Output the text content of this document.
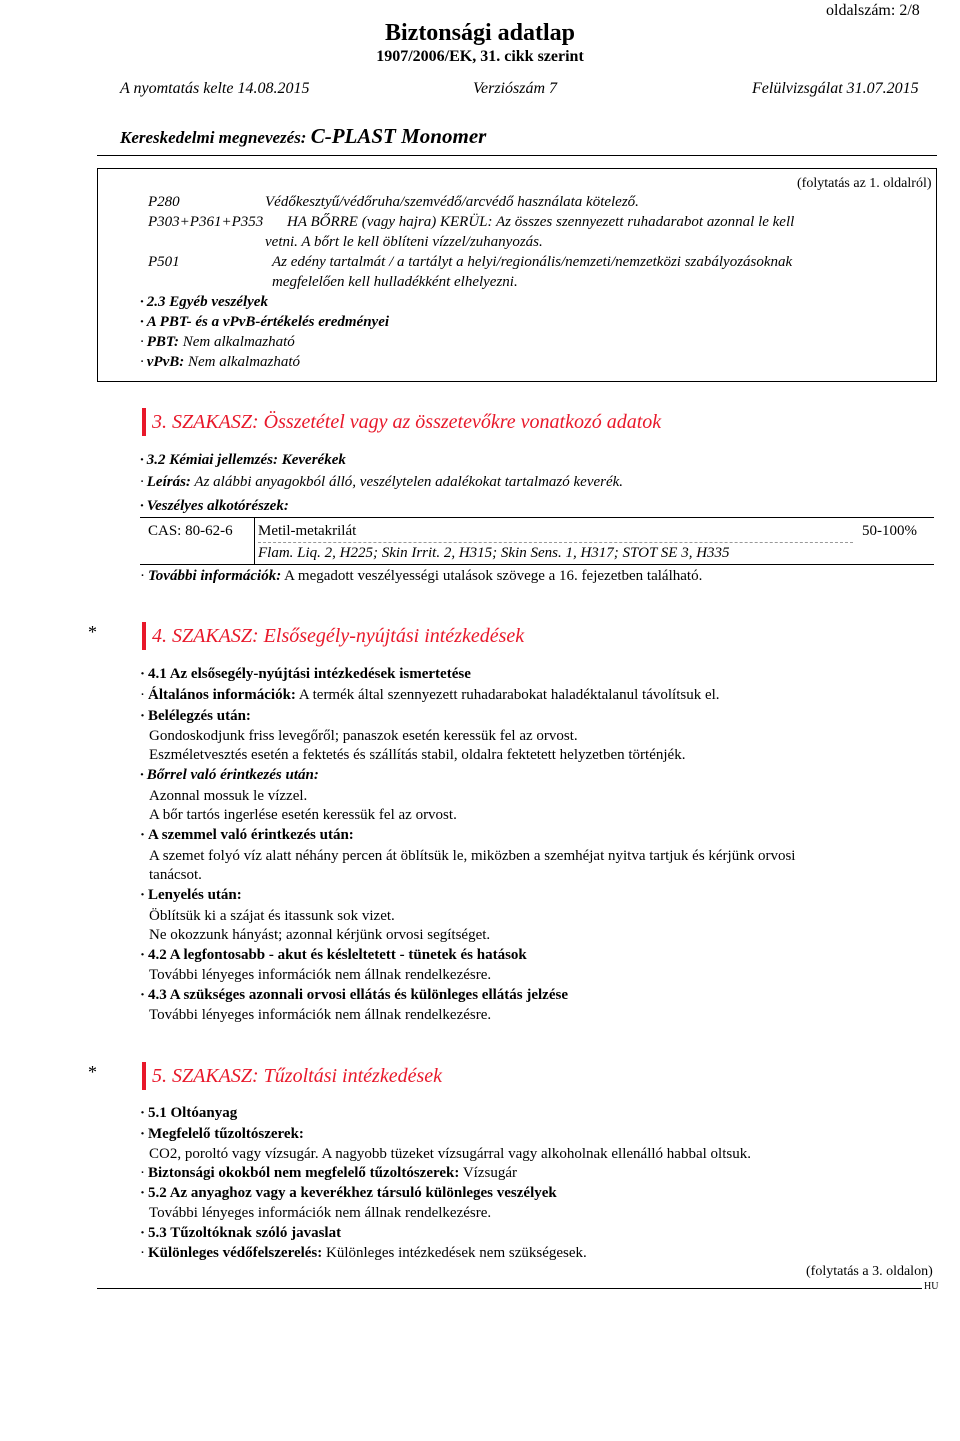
oldalszám: 2/8
Biztonsági adatlap
1907/2006/EK, 31. cikk szerint
A nyomtatás kelte 14.08.2015	Verziószám 7	Felülvizsgálat 31.07.2015
Kereskedelmi megnevezés: C-PLAST Monomer
(folytatás az 1. oldalról)
P280	Védőkesztyű/védőruha/szemvédő/arcvédő használata kötelező.
P303+P361+P353 HA BŐRRE (vagy hajra) KERÜL: Az összes szennyezett ruhadarabot azonnal le kell
vetni. A bőrt le kell öblíteni vízzel/zuhanyozás.
P501	Az edény tartalmát / a tartályt a helyi/regionális/nemzeti/nemzetközi szabályozásoknak
megfelelően kell hulladékként elhelyezni.
· 2.3 Egyéb veszélyek
· A PBT- és a vPvB-értékelés eredményei
· PBT: Nem alkalmazható
· vPvB: Nem alkalmazható
3. SZAKASZ: Összetétel vagy az összetevőkre vonatkozó adatok
· 3.2 Kémiai jellemzés: Keverékek
· Leírás: Az alábbi anyagokból álló, veszélytelen adalékokat tartalmazó keverék.
· Veszélyes alkotórészek:
CAS: 80-62-6 Metil-metakrilát	50-100%
Flam. Liq. 2, H225; Skin Irrit. 2, H315; Skin Sens. 1, H317; STOT SE 3, H335
· További információk: A megadott veszélyességi utalások szövege a 16. fejezetben található.
*	4. SZAKASZ: Elsősegély-nyújtási intézkedések
· 4.1 Az elsősegély-nyújtási intézkedések ismertetése
· Általános információk: A termék által szennyezett ruhadarabokat haladéktalanul távolítsuk el.
· Belélegzés után:
Gondoskodjunk friss levegőről; panaszok esetén keressük fel az orvost.
Eszméletvesztés esetén a fektetés és szállítás stabil, oldalra fektetett helyzetben történjék.
· Bőrrel való érintkezés után:
Azonnal mossuk le vízzel.
A bőr tartós ingerlése esetén keressük fel az orvost.
· A szemmel való érintkezés után:
A szemet folyó víz alatt néhány percen át öblítsük le, miközben a szemhéjat nyitva tartjuk és kérjünk orvosi
tanácsot.
· Lenyelés után:
Öblítsük ki a szájat és itassunk sok vizet.
Ne okozzunk hányást; azonnal kérjünk orvosi segítséget.
· 4.2 A legfontosabb - akut és késleltetett - tünetek és hatások
További lényeges információk nem állnak rendelkezésre.
· 4.3 A szükséges azonnali orvosi ellátás és különleges ellátás jelzése
További lényeges információk nem állnak rendelkezésre.
*	5. SZAKASZ: Tűzoltási intézkedések
· 5.1 Oltóanyag
· Megfelelő tűzoltószerek:
CO2, poroltó vagy vízsugár. A nagyobb tüzeket vízsugárral vagy alkoholnak ellenálló habbal oltsuk.
· Biztonsági okokból nem megfelelő tűzoltószerek: Vízsugár
· 5.2 Az anyaghoz vagy a keverékhez társuló különleges veszélyek
További lényeges információk nem állnak rendelkezésre.
· 5.3 Tűzoltóknak szóló javaslat
· Különleges védőfelszerelés: Különleges intézkedések nem szükségesek.
(folytatás a 3. oldalon)
HU
